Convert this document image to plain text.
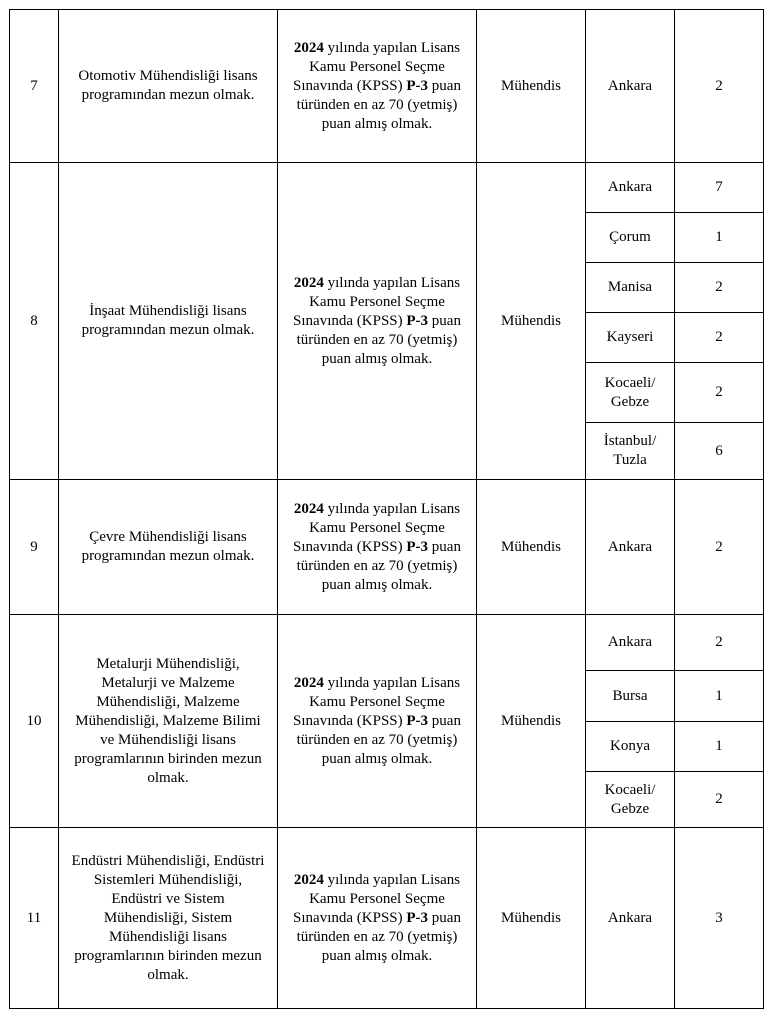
7	Otomotiv Mühendisliği lisans programından mezun olmak.	2024 yılında yapılan Lisans Kamu Personel Seçme Sınavında (KPSS) P-3 puan türünden en az 70 (yetmiş) puan almış olmak.	Mühendis	Ankara	2
8	İnşaat Mühendisliği lisans programından mezun olmak.	2024 yılında yapılan Lisans Kamu Personel Seçme Sınavında (KPSS) P-3 puan türünden en az 70 (yetmiş) puan almış olmak.	Mühendis	Ankara	7
				Çorum	1
				Manisa	2
				Kayseri	2
				Kocaeli/ Gebze	2
				İstanbul/ Tuzla	6
9	Çevre Mühendisliği lisans programından mezun olmak.	2024 yılında yapılan Lisans Kamu Personel Seçme Sınavında (KPSS) P-3 puan türünden en az 70 (yetmiş) puan almış olmak.	Mühendis	Ankara	2
10	Metalurji Mühendisliği, Metalurji ve Malzeme Mühendisliği, Malzeme Mühendisliği, Malzeme Bilimi ve Mühendisliği lisans programlarının birinden mezun olmak.	2024 yılında yapılan Lisans Kamu Personel Seçme Sınavında (KPSS) P-3 puan türünden en az 70 (yetmiş) puan almış olmak.	Mühendis	Ankara	2
				Bursa	1
				Konya	1
				Kocaeli/ Gebze	2
11	Endüstri Mühendisliği, Endüstri Sistemleri Mühendisliği, Endüstri ve Sistem Mühendisliği, Sistem Mühendisliği lisans programlarının birinden mezun olmak.	2024 yılında yapılan Lisans Kamu Personel Seçme Sınavında (KPSS) P-3 puan türünden en az 70 (yetmiş) puan almış olmak.	Mühendis	Ankara	3
